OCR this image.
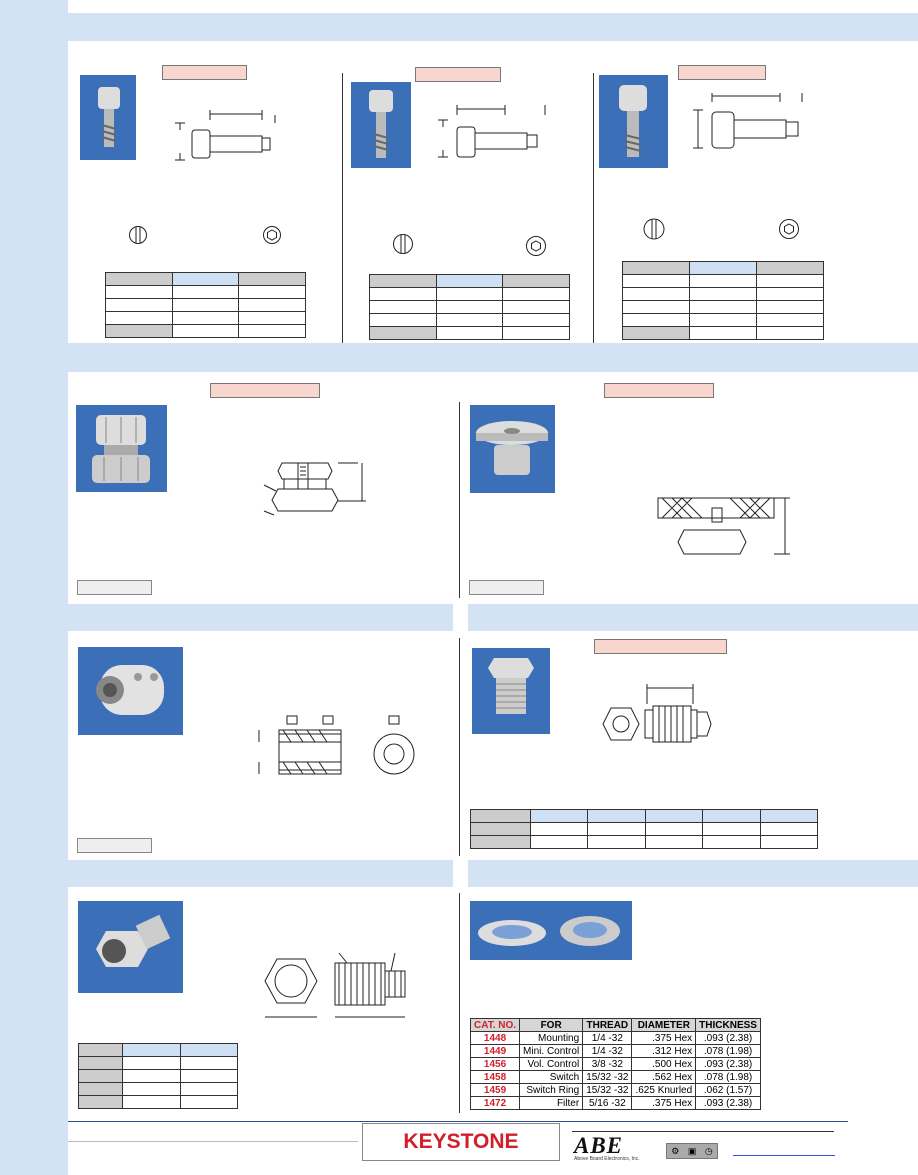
CAT. NO.	FOR	THREAD	DIAMETER	THICKNESS
1448	Mounting	1/4 -32	.375 Hex	.093 (2.38)
1449	Mini. Control	1/4 -32	.312 Hex	.078 (1.98)
1456	Vol. Control	3/8 -32	.500 Hex	.093 (2.38)
1458	Switch	15/32 -32	.562 Hex	.078 (1.98)
1459	Switch Ring	15/32 -32	.625 Knurled	.062 (1.57)
1472	Filter	5/16 -32	.375 Hex	.093 (2.38)
KEYSTONE	ABE
Above Board Electronics, Inc.
⚙ ▣ ◷
